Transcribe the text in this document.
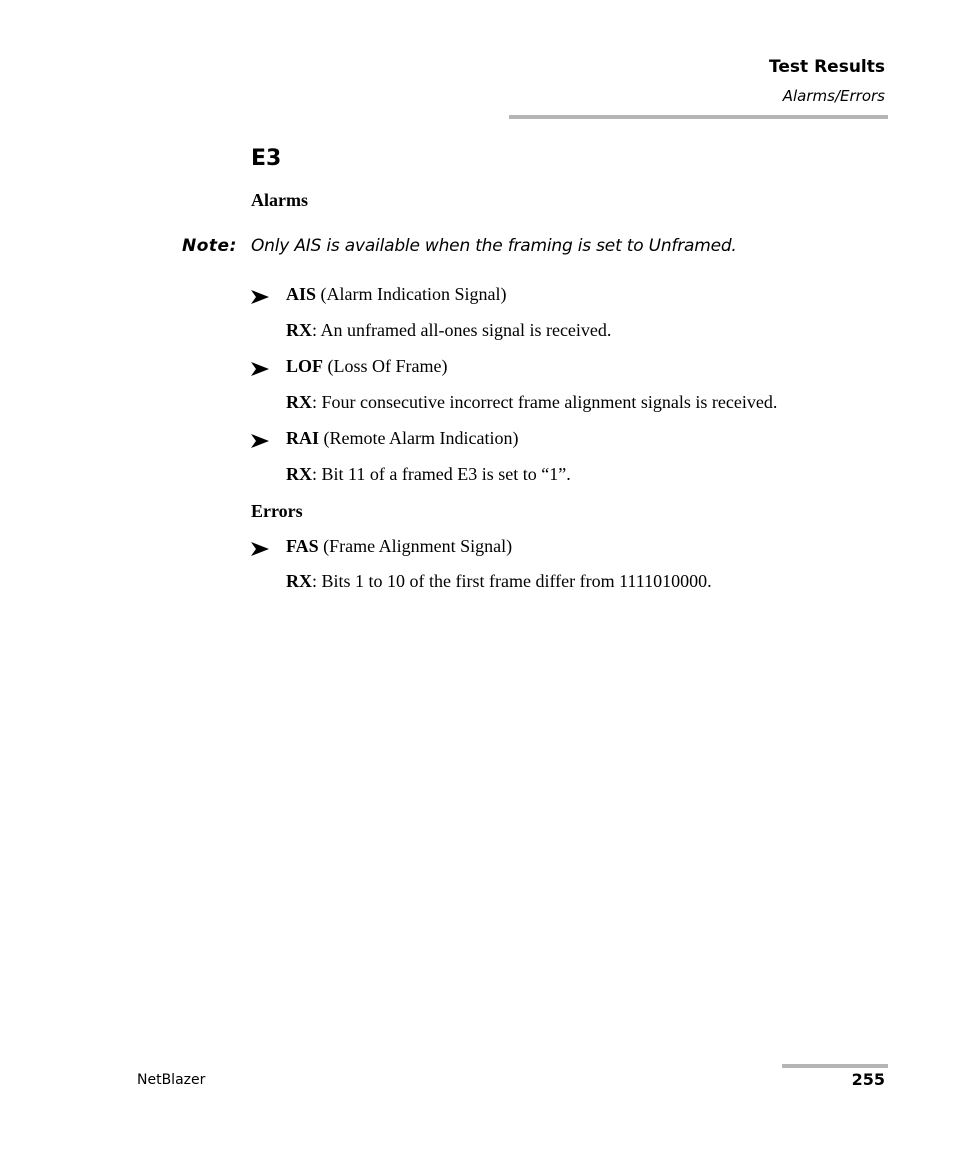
Test Results
Alarms/Errors
E3
Alarms
Note: Only AIS is available when the framing is set to Unframed.
AIS (Alarm Indication Signal)
RX: An unframed all-ones signal is received.
LOF (Loss Of Frame)
RX: Four consecutive incorrect frame alignment signals is received.
RAI (Remote Alarm Indication)
RX: Bit 11 of a framed E3 is set to “1”.
Errors
FAS (Frame Alignment Signal)
RX: Bits 1 to 10 of the first frame differ from 1111010000.
NetBlazer	255
